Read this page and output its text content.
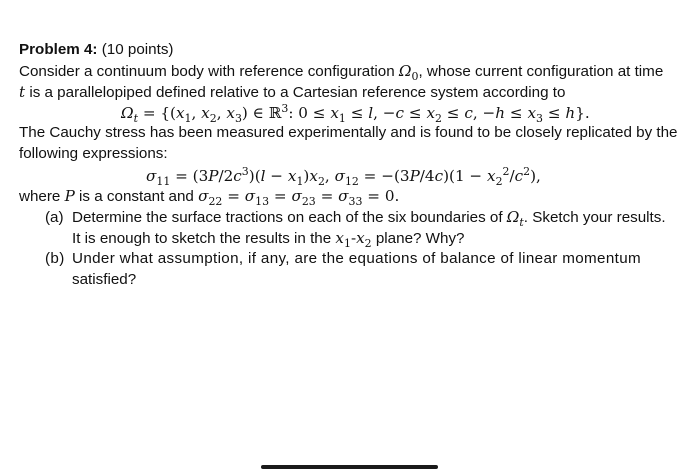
Problem 4: (10 points)
Consider a continuum body with reference configuration $\Omega_0$, whose current configuration at time
t is a parallelopiped defined relative to a Cartesian reference system according to
$\Omega_t = \{(x_1$, $x_2$, $x_3$) ∈ ℝ$^3$: $0 \le x_1 \le l$, $-c \le x_2 \le c$, $-h \le x_3 \le h$}.
The Cauchy stress has been measured experimentally and is found to be closely replicated by the
following expressions:
$\sigma_{11} = (3P/2c^3)(l - x_1)x_2$, $\sigma_{12} = -(3P/4c)(1 - x_2^2/c^2)$,
where P is a constant and $\sigma_{22} = \sigma_{13} = \sigma_{23} = \sigma_{33} = 0$.
(a) Determine the surface tractions on each of the six boundaries of $\Omega_t$. Sketch your results.
It is enough to sketch the results in the $x_1-x_2$ plane? Why?
(b) Under what assumption, if any, are the equations of balance of linear momentum
satisfied?
